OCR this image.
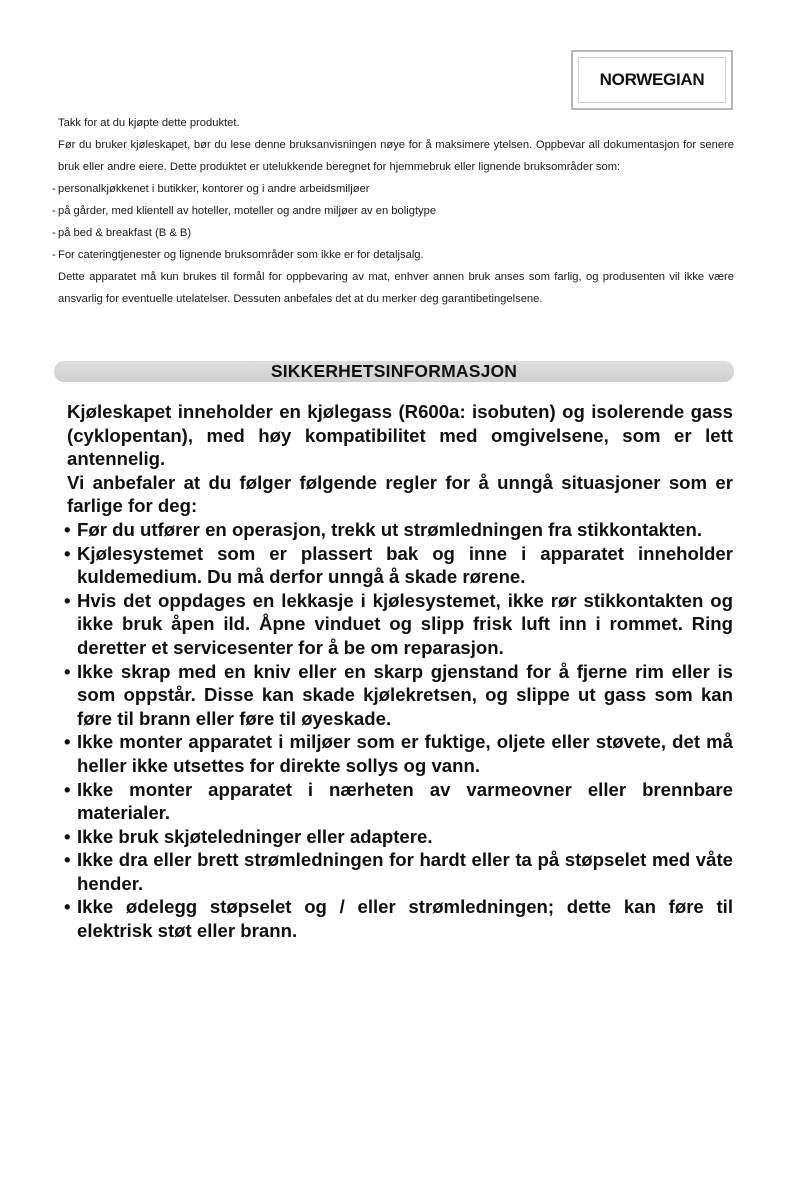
NORWEGIAN
Takk for at du kjøpte dette produktet.
Før du bruker kjøleskapet, bør du lese denne bruksanvisningen nøye for å maksimere ytelsen. Oppbevar all dokumentasjon for senere bruk eller andre eiere. Dette produktet er utelukkende beregnet for hjemmebruk eller lignende bruksområder som:
- personalkjøkkenet i butikker, kontorer og i andre arbeidsmiljøer
- på gårder, med klientell av hoteller, moteller og andre miljøer av en boligtype
- på bed & breakfast (B & B)
- For cateringtjenester og lignende bruksområder som ikke er for detaljsalg.
Dette apparatet må kun brukes til formål for oppbevaring av mat, enhver annen bruk anses som farlig, og produsenten vil ikke være ansvarlig for eventuelle utelatelser. Dessuten anbefales det at du merker deg garantibetingelsene.
SIKKERHETSINFORMASJON
Kjøleskapet inneholder en kjølegass (R600a: isobuten) og isolerende gass (cyklopentan), med høy kompatibilitet med omgivelsene, som er lett antennelig.
Vi anbefaler at du følger følgende regler for å unngå situasjoner som er farlige for deg:
• Før du utfører en operasjon, trekk ut strømledningen fra stikkontakten.
• Kjølesystemet som er plassert bak og inne i apparatet inneholder kuldemedium. Du må derfor unngå å skade rørene.
• Hvis det oppdages en lekkasje i kjølesystemet, ikke rør stikkontakten og ikke bruk åpen ild. Åpne vinduet og slipp frisk luft inn i rommet. Ring deretter et servicesenter for å be om reparasjon.
• Ikke skrap med en kniv eller en skarp gjenstand for å fjerne rim eller is som oppstår. Disse kan skade kjølekretsen, og slippe ut gass som kan føre til brann eller føre til øyeskade.
• Ikke monter apparatet i miljøer som er fuktige, oljete eller støvete, det må heller ikke utsettes for direkte sollys og vann.
• Ikke monter apparatet i nærheten av varmeovner eller brennbare materialer.
• Ikke bruk skjøteledninger eller adaptere.
• Ikke dra eller brett strømledningen for hardt eller ta på støpselet med våte hender.
• Ikke ødelegg støpselet og / eller strømledningen; dette kan føre til elektrisk støt eller brann.
